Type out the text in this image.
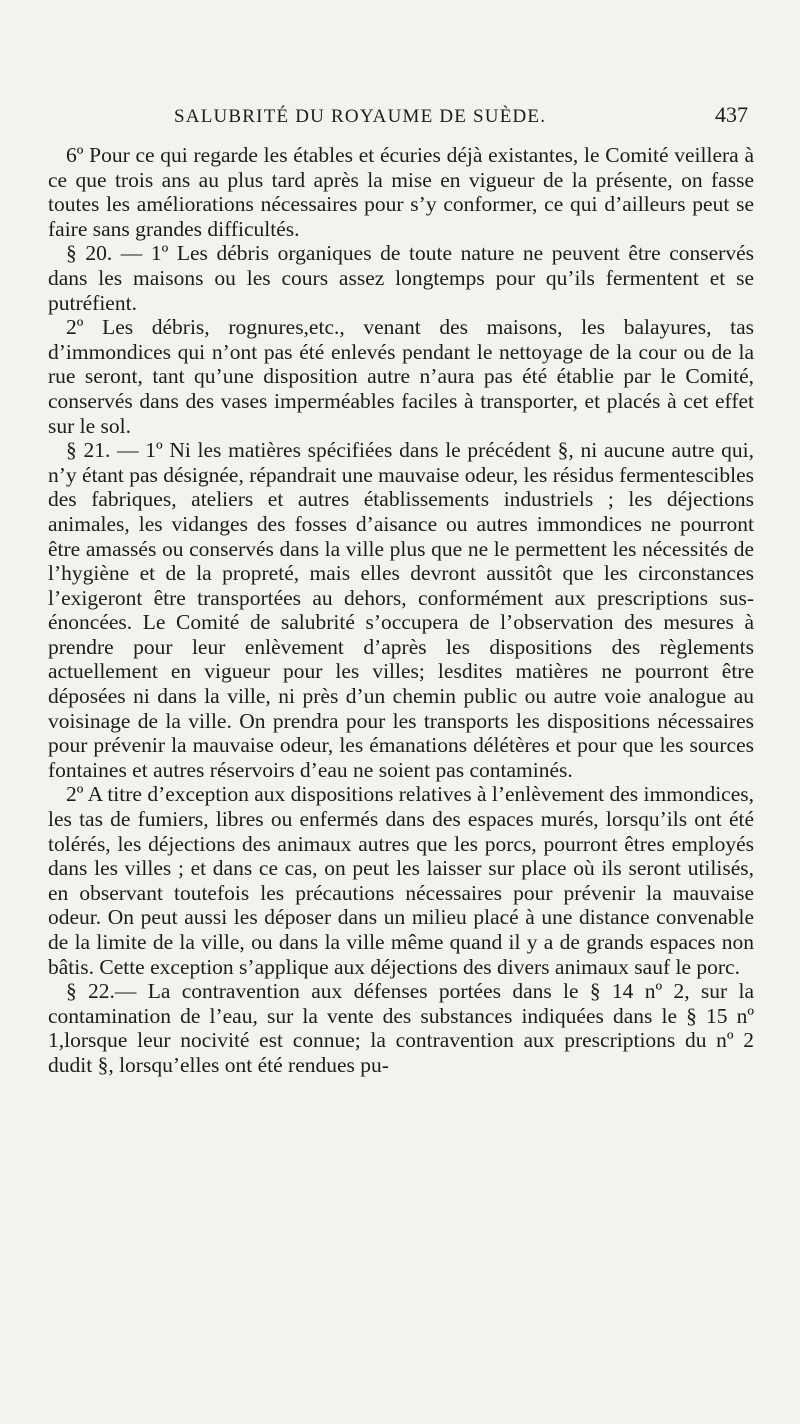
SALUBRITÉ DU ROYAUME DE SUÈDE.	437

6º Pour ce qui regarde les étables et écuries déjà existantes, le Comité veillera à ce que trois ans au plus tard après la mise en vigueur de la présente, on fasse toutes les améliorations nécessaires pour s’y conformer, ce qui d’ailleurs peut se faire sans grandes difficultés.

§ 20. — 1º Les débris organiques de toute nature ne peuvent être conservés dans les maisons ou les cours assez longtemps pour qu’ils fermentent et se putréfient.

2º Les débris, rognures,etc., venant des maisons, les balayures, tas d’immondices qui n’ont pas été enlevés pendant le nettoyage de la cour ou de la rue seront, tant qu’une disposition autre n’aura pas été établie par le Comité, conservés dans des vases imperméables faciles à transporter, et placés à cet effet sur le sol.

§ 21. — 1º Ni les matières spécifiées dans le précédent §, ni aucune autre qui, n’y étant pas désignée, répandrait une mauvaise odeur, les résidus fermentescibles des fabriques, ateliers et autres établissements industriels ; les déjections animales, les vidanges des fosses d’aisance ou autres immondices ne pourront être amassés ou conservés dans la ville plus que ne le permettent les nécessités de l’hygiène et de la propreté, mais elles devront aussitôt que les circonstances l’exigeront être transportées au dehors, conformément aux prescriptions sus-énoncées. Le Comité de salubrité s’occupera de l’observation des mesures à prendre pour leur enlèvement d’après les dispositions des règlements actuellement en vigueur pour les villes; lesdites matières ne pourront être déposées ni dans la ville, ni près d’un chemin public ou autre voie analogue au voisinage de la ville. On prendra pour les transports les dispositions nécessaires pour prévenir la mauvaise odeur, les émanations délétères et pour que les sources fontaines et autres réservoirs d’eau ne soient pas contaminés.

2º A titre d’exception aux dispositions relatives à l’enlèvement des immondices, les tas de fumiers, libres ou enfermés dans des espaces murés, lorsqu’ils ont été tolérés, les déjections des animaux autres que les porcs, pourront êtres employés dans les villes ; et dans ce cas, on peut les laisser sur place où ils seront utilisés, en observant toutefois les précautions nécessaires pour prévenir la mauvaise odeur. On peut aussi les déposer dans un milieu placé à une distance convenable de la limite de la ville, ou dans la ville même quand il y a de grands espaces non bâtis. Cette exception s’applique aux déjections des divers animaux sauf le porc.

§ 22.— La contravention aux défenses portées dans le § 14 nº 2, sur la contamination de l’eau, sur la vente des substances indiquées dans le § 15 nº 1,lorsque leur nocivité est connue; la contravention aux prescriptions du nº 2 dudit §, lorsqu’elles ont été rendues pu-
